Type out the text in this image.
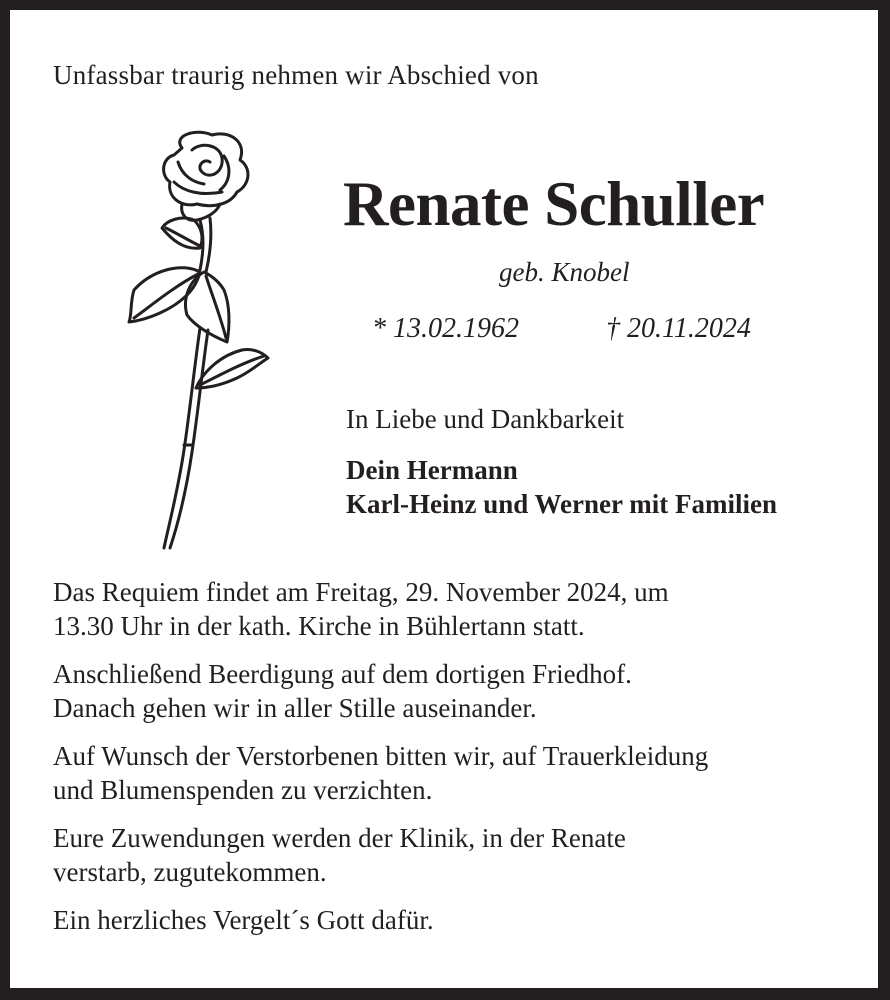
Unfassbar traurig nehmen wir Abschied von
Renate Schuller
geb. Knobel
* 13.02.1962	† 20.11.2024
In Liebe und Dankbarkeit
Dein Hermann
Karl-Heinz und Werner mit Familien
Das Requiem findet am Freitag, 29. November 2024, um
13.30 Uhr in der kath. Kirche in Bühlertann statt.
Anschließend Beerdigung auf dem dortigen Friedhof.
Danach gehen wir in aller Stille auseinander.
Auf Wunsch der Verstorbenen bitten wir, auf Trauerkleidung
und Blumenspenden zu verzichten.
Eure Zuwendungen werden der Klinik, in der Renate
verstarb, zugutekommen.
Ein herzliches Vergelt´s Gott dafür.
